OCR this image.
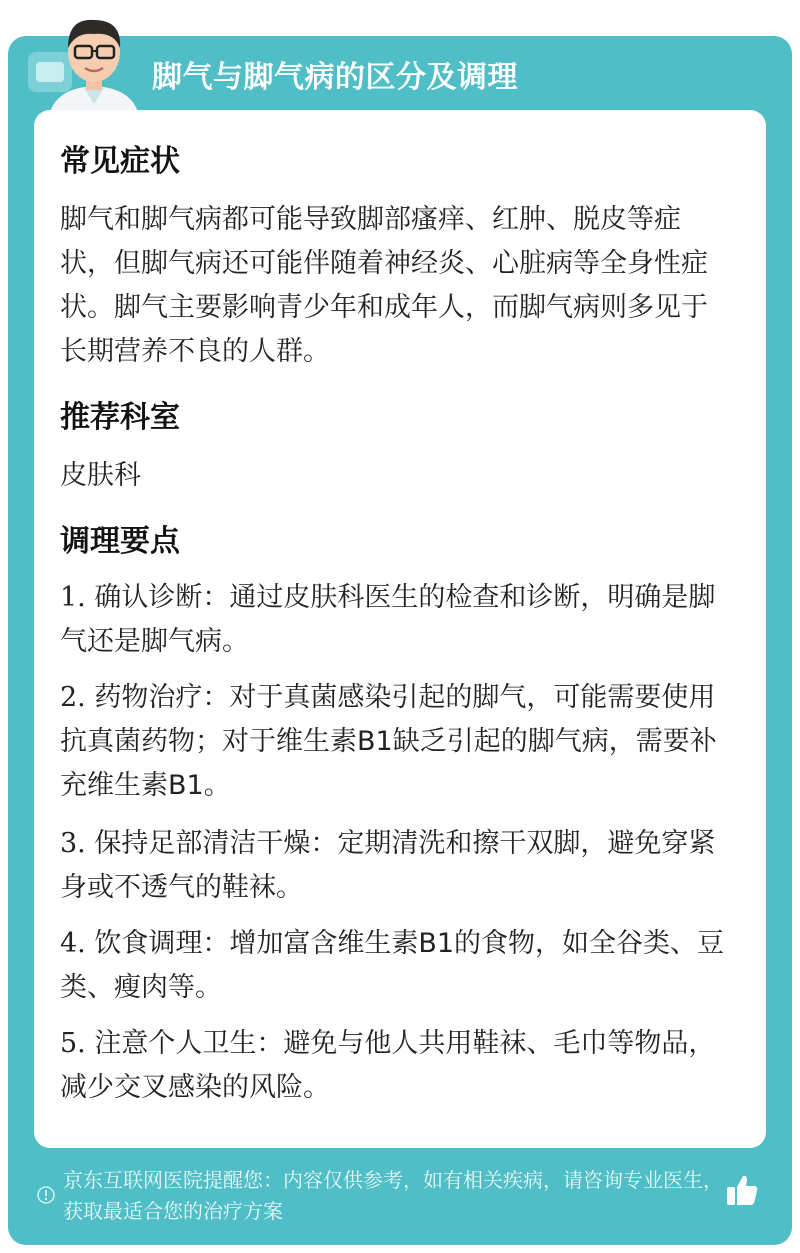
脚气与脚气病的区分及调理
常见症状
脚气和脚气病都可能导致脚部瘙痒、红肿、脱皮等症状，但脚气病还可能伴随着神经炎、心脏病等全身性症状。脚气主要影响青少年和成年人，而脚气病则多见于长期营养不良的人群。
推荐科室
皮肤科
调理要点
1. 确认诊断：通过皮肤科医生的检查和诊断，明确是脚气还是脚气病。
2. 药物治疗：对于真菌感染引起的脚气，可能需要使用抗真菌药物；对于维生素B1缺乏引起的脚气病，需要补充维生素B1。
3. 保持足部清洁干燥：定期清洗和擦干双脚，避免穿紧身或不透气的鞋袜。
4. 饮食调理：增加富含维生素B1的食物，如全谷类、豆类、瘦肉等。
5. 注意个人卫生：避免与他人共用鞋袜、毛巾等物品，减少交叉感染的风险。
京东互联网医院提醒您：内容仅供参考，如有相关疾病，请咨询专业医生，获取最适合您的治疗方案
